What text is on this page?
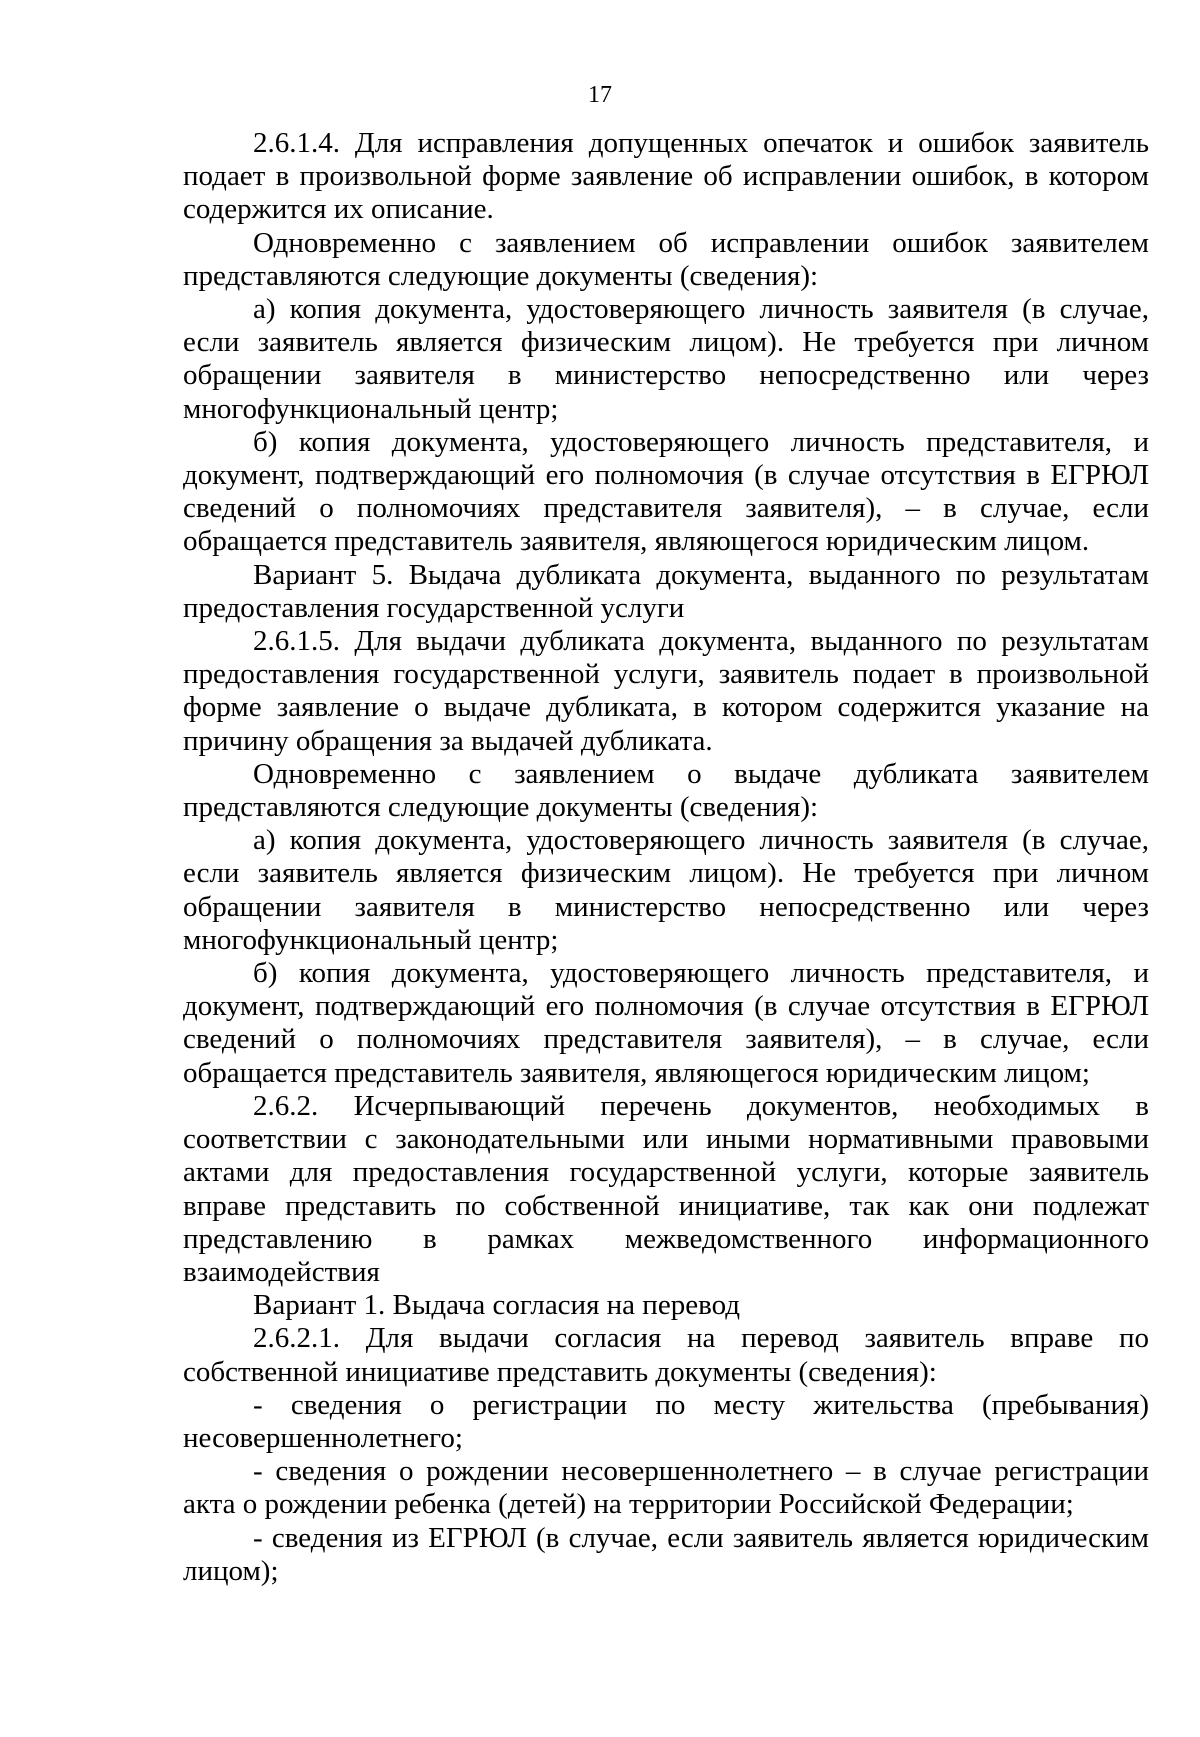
17

2.6.1.4. Для исправления допущенных опечаток и ошибок заявитель подает в произвольной форме заявление об исправлении ошибок, в котором содержится их описание.

Одновременно с заявлением об исправлении ошибок заявителем представляются следующие документы (сведения):

а) копия документа, удостоверяющего личность заявителя (в случае, если заявитель является физическим лицом). Не требуется при личном обращении заявителя в министерство непосредственно или через многофункциональный центр;

б) копия документа, удостоверяющего личность представителя, и документ, подтверждающий его полномочия (в случае отсутствия в ЕГРЮЛ сведений о полномочиях представителя заявителя), – в случае, если обращается представитель заявителя, являющегося юридическим лицом.

Вариант 5. Выдача дубликата документа, выданного по результатам предоставления государственной услуги

2.6.1.5. Для выдачи дубликата документа, выданного по результатам предоставления государственной услуги, заявитель подает в произвольной форме заявление о выдаче дубликата, в котором содержится указание на причину обращения за выдачей дубликата.

Одновременно с заявлением о выдаче дубликата заявителем представляются следующие документы (сведения):

а) копия документа, удостоверяющего личность заявителя (в случае, если заявитель является физическим лицом). Не требуется при личном обращении заявителя в министерство непосредственно или через многофункциональный центр;

б) копия документа, удостоверяющего личность представителя, и документ, подтверждающий его полномочия (в случае отсутствия в ЕГРЮЛ сведений о полномочиях представителя заявителя), – в случае, если обращается представитель заявителя, являющегося юридическим лицом;

2.6.2. Исчерпывающий перечень документов, необходимых в соответствии с законодательными или иными нормативными правовыми актами для предоставления государственной услуги, которые заявитель вправе представить по собственной инициативе, так как они подлежат представлению в рамках межведомственного информационного взаимодействия

Вариант 1. Выдача согласия на перевод

2.6.2.1. Для выдачи согласия на перевод заявитель вправе по собственной инициативе представить документы (сведения):

- сведения о регистрации по месту жительства (пребывания) несовершеннолетнего;

- сведения о рождении несовершеннолетнего – в случае регистрации акта о рождении ребенка (детей) на территории Российской Федерации;

- сведения из ЕГРЮЛ (в случае, если заявитель является юридическим лицом);
